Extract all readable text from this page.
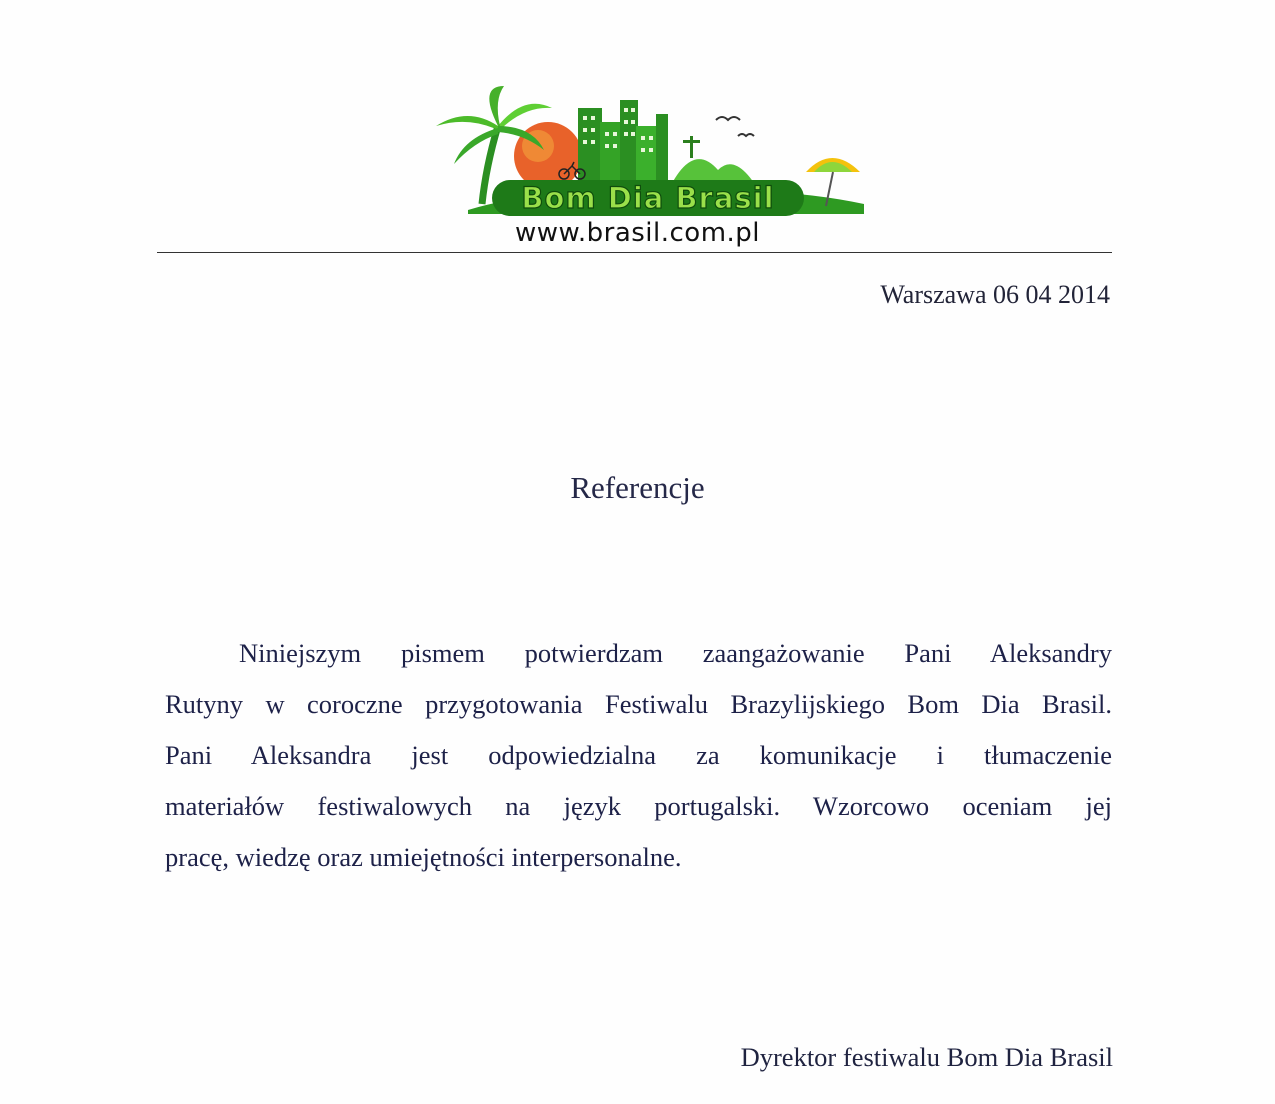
Bom Dia Brasil
www.brasil.com.pl
Warszawa 06 04 2014
Referencje
Niniejszym pismem potwierdzam zaangażowanie Pani Aleksandry
Rutyny w coroczne przygotowania Festiwalu Brazylijskiego Bom Dia Brasil.
Pani Aleksandra jest odpowiedzialna za komunikacje i tłumaczenie
materiałów festiwalowych na język portugalski. Wzorcowo oceniam jej
pracę, wiedzę oraz umiejętności interpersonalne.
Dyrektor festiwalu Bom Dia Brasil
